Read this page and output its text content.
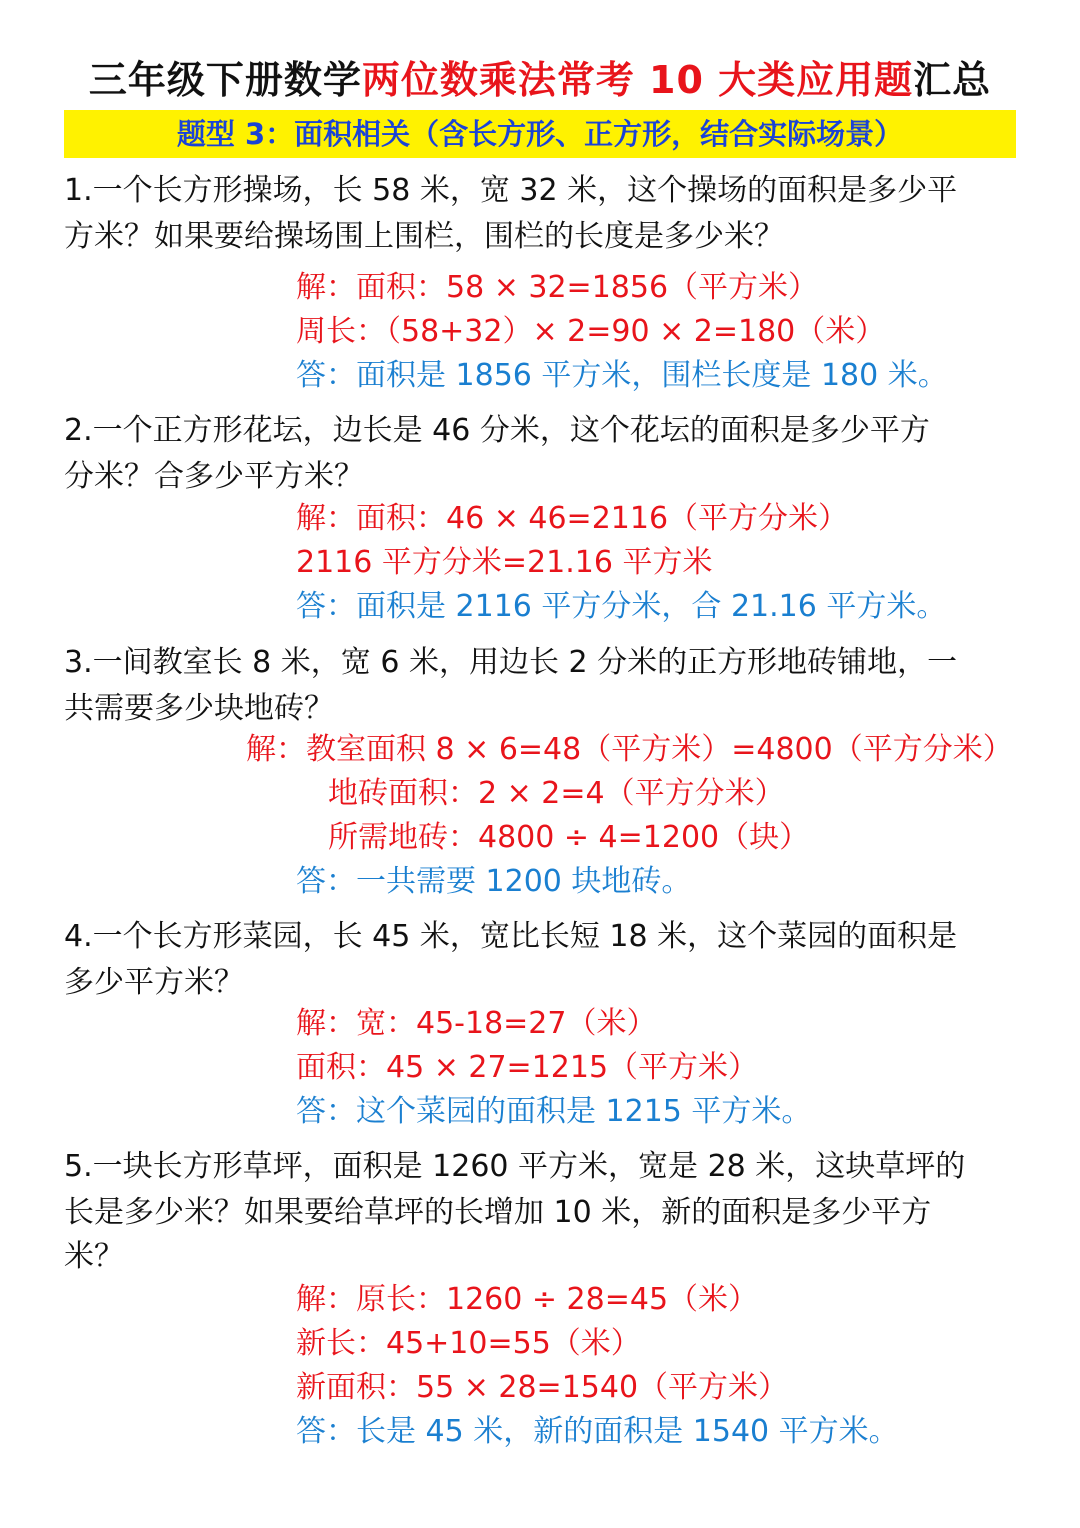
三年级下册数学两位数乘法常考 10 大类应用题汇总
题型 3：面积相关（含长方形、正方形，结合实际场景）
1.一个长方形操场，长 58 米，宽 32 米，这个操场的面积是多少平
方米？如果要给操场围上围栏，围栏的长度是多少米？
解：面积：58 × 32=1856（平方米）
周长：（58+32）× 2=90 × 2=180（米）
答：面积是 1856 平方米，围栏长度是 180 米。
2.一个正方形花坛，边长是 46 分米，这个花坛的面积是多少平方
分米？合多少平方米？
解：面积：46 × 46=2116（平方分米）
2116 平方分米=21.16 平方米
答：面积是 2116 平方分米，合 21.16 平方米。
3.一间教室长 8 米，宽 6 米，用边长 2 分米的正方形地砖铺地，一
共需要多少块地砖？
解：教室面积 8 × 6=48（平方米）=4800（平方分米）
地砖面积：2 × 2=4（平方分米）
所需地砖：4800 ÷ 4=1200（块）
答：一共需要 1200 块地砖。
4.一个长方形菜园，长 45 米，宽比长短 18 米，这个菜园的面积是
多少平方米？
解：宽：45-18=27（米）
面积：45 × 27=1215（平方米）
答：这个菜园的面积是 1215 平方米。
5.一块长方形草坪，面积是 1260 平方米，宽是 28 米，这块草坪的
长是多少米？如果要给草坪的长增加 10 米，新的面积是多少平方
米？
解：原长：1260 ÷ 28=45（米）
新长：45+10=55（米）
新面积：55 × 28=1540（平方米）
答：长是 45 米，新的面积是 1540 平方米。
